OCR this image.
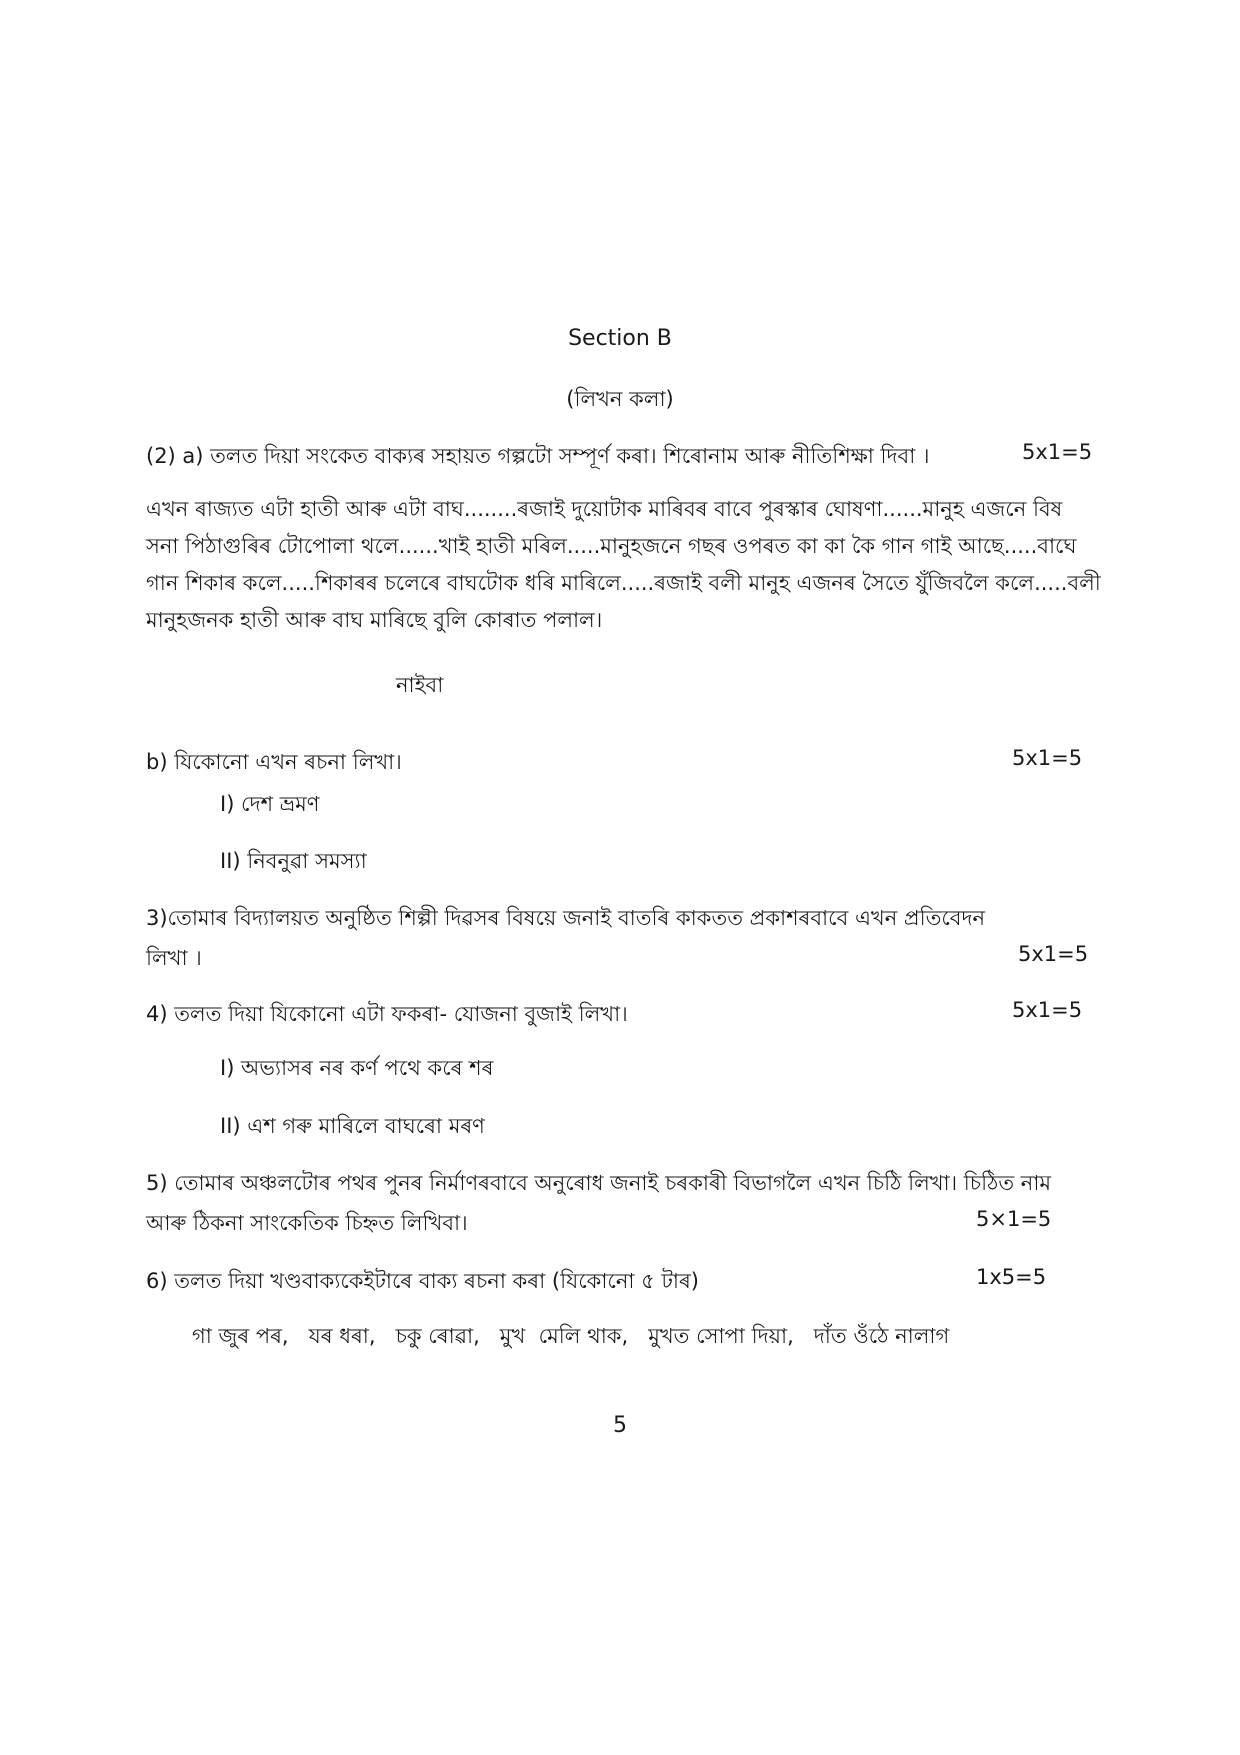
Section B
(লিখন কলা)
(2) a) তলত দিয়া সংকেত বাক্যৰ সহায়ত গল্পটো সম্পূৰ্ণ কৰা। শিৰোনাম আৰু নীতিশিক্ষা দিবা ।	5x1=5
এখন ৰাজ্যত এটা হাতী আৰু এটা বাঘ........ৰজাই দুয়োটাক মাৰিবৰ বাবে পুৰস্কাৰ ঘোষণা......মানুহ এজনে বিষ
সনা পিঠাগুৰিৰ টোপোলা থলে......খাই হাতী মৰিল.....মানুহজনে গছৰ ওপৰত কা কা কৈ গান গাই আছে.....বাঘে
গান শিকাৰ কলে.....শিকাৰৰ চলেৰে বাঘটোক ধৰি মাৰিলে.....ৰজাই বলী মানুহ এজনৰ সৈতে যুঁজিবলৈ কলে.....বলী
মানুহজনক হাতী আৰু বাঘ মাৰিছে বুলি কোৰাত পলাল।
নাইবা
b) যিকোনো এখন ৰচনা লিখা।	5x1=5
I) দেশ ভ্ৰমণ
II) নিবনুৱা সমস্যা
3)তোমাৰ বিদ্যালয়ত অনুষ্ঠিত শিল্পী দিৱসৰ বিষয়ে জনাই বাতৰি কাকতত প্ৰকাশৰবাবে এখন প্ৰতিবেদন
লিখা ।	5x1=5
4) তলত দিয়া যিকোনো এটা ফকৰা- যোজনা বুজাই লিখা।	5x1=5
I) অভ্যাসৰ নৰ কৰ্ণ পথে কৰে শৰ
II) এশ গৰু মাৰিলে বাঘৰো মৰণ
5) তোমাৰ অঞ্চলটোৰ পথৰ পুনৰ নিৰ্মাণৰবাবে অনুৰোধ জনাই চৰকাৰী বিভাগলৈ এখন চিঠি লিখা। চিঠিত নাম
আৰু ঠিকনা সাংকেতিক চিহ্নত লিখিবা।	5×1=5
6) তলত দিয়া খণ্ডবাক্যকেইটাৰে বাক্য ৰচনা কৰা (যিকোনো ৫ টাৰ)	1x5=5
গা জুৰ পৰ,   যৰ ধৰা,   চকু ৰোৱা,   মুখ  মেলি থাক,   মুখত সোপা দিয়া,   দাঁত ওঁঠে নালাগ
5
